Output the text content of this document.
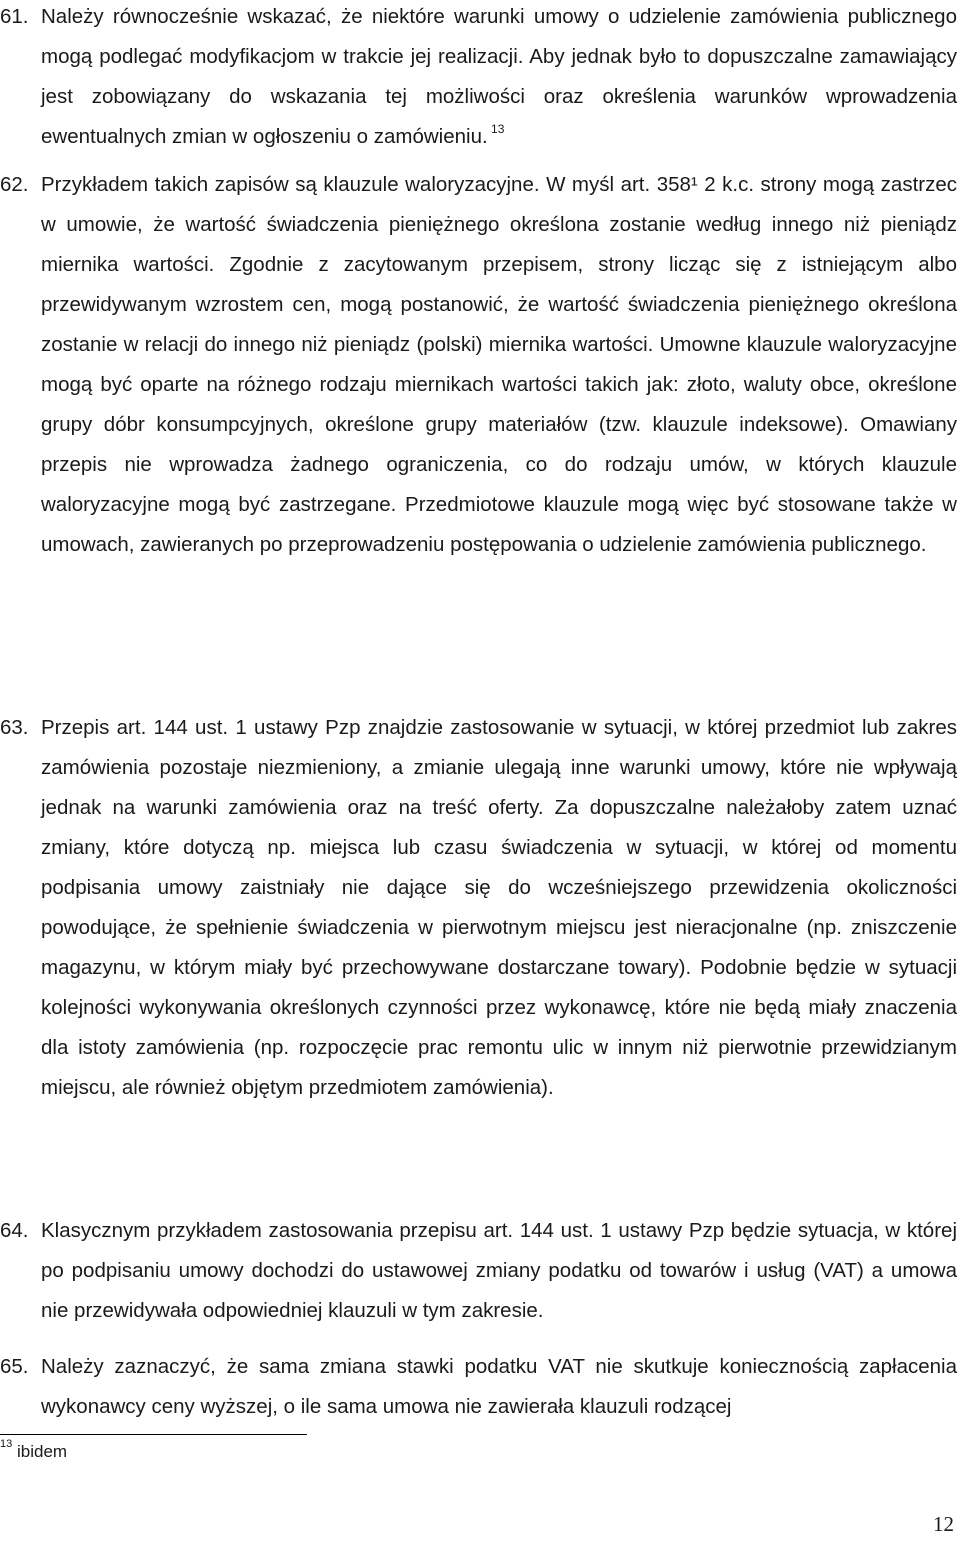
61. Należy równocześnie wskazać, że niektóre warunki umowy o udzielenie zamówienia publicznego mogą podlegać modyfikacjom w trakcie jej realizacji. Aby jednak było to dopuszczalne zamawiający jest zobowiązany do wskazania tej możliwości oraz określenia warunków wprowadzenia ewentualnych zmian w ogłoszeniu o zamówieniu. $^{13}$
62. Przykładem takich zapisów są klauzule waloryzacyjne. W myśl art. 358¹ 2 k.c. strony mogą zastrzec w umowie, że wartość świadczenia pieniężnego określona zostanie według innego niż pieniądz miernika wartości. Zgodnie z zacytowanym przepisem, strony licząc się z istniejącym albo przewidywanym wzrostem cen, mogą postanowić, że wartość świadczenia pieniężnego określona zostanie w relacji do innego niż pieniądz (polski) miernika wartości. Umowne klauzule waloryzacyjne mogą być oparte na różnego rodzaju miernikach wartości takich jak: złoto, waluty obce, określone grupy dóbr konsumpcyjnych, określone grupy materiałów (tzw. klauzule indeksowe). Omawiany przepis nie wprowadza żadnego ograniczenia, co do rodzaju umów, w których klauzule waloryzacyjne mogą być zastrzegane. Przedmiotowe klauzule mogą więc być stosowane także w umowach, zawieranych po przeprowadzeniu postępowania o udzielenie zamówienia publicznego.
63. Przepis art. 144 ust. 1 ustawy Pzp znajdzie zastosowanie w sytuacji, w której przedmiot lub zakres zamówienia pozostaje niezmieniony, a zmianie ulegają inne warunki umowy, które nie wpływają jednak na warunki zamówienia oraz na treść oferty. Za dopuszczalne należałoby zatem uznać zmiany, które dotyczą np. miejsca lub czasu świadczenia w sytuacji, w której od momentu podpisania umowy zaistniały nie dające się do wcześniejszego przewidzenia okoliczności powodujące, że spełnienie świadczenia w pierwotnym miejscu jest nieracjonalne (np. zniszczenie magazynu, w którym miały być przechowywane dostarczane towary). Podobnie będzie w sytuacji kolejności wykonywania określonych czynności przez wykonawcę, które nie będą miały znaczenia dla istoty zamówienia (np. rozpoczęcie prac remontu ulic w innym niż pierwotnie przewidzianym miejscu, ale również objętym przedmiotem zamówienia).
64. Klasycznym przykładem zastosowania przepisu art. 144 ust. 1 ustawy Pzp będzie sytuacja, w której po podpisaniu umowy dochodzi do ustawowej zmiany podatku od towarów i usług (VAT) a umowa nie przewidywała odpowiedniej klauzuli w tym zakresie.
65. Należy zaznaczyć, że sama zmiana stawki podatku VAT nie skutkuje koniecznością zapłacenia wykonawcy ceny wyższej, o ile sama umowa nie zawierała klauzuli rodzącej
$^{13}$ ibidem
12
